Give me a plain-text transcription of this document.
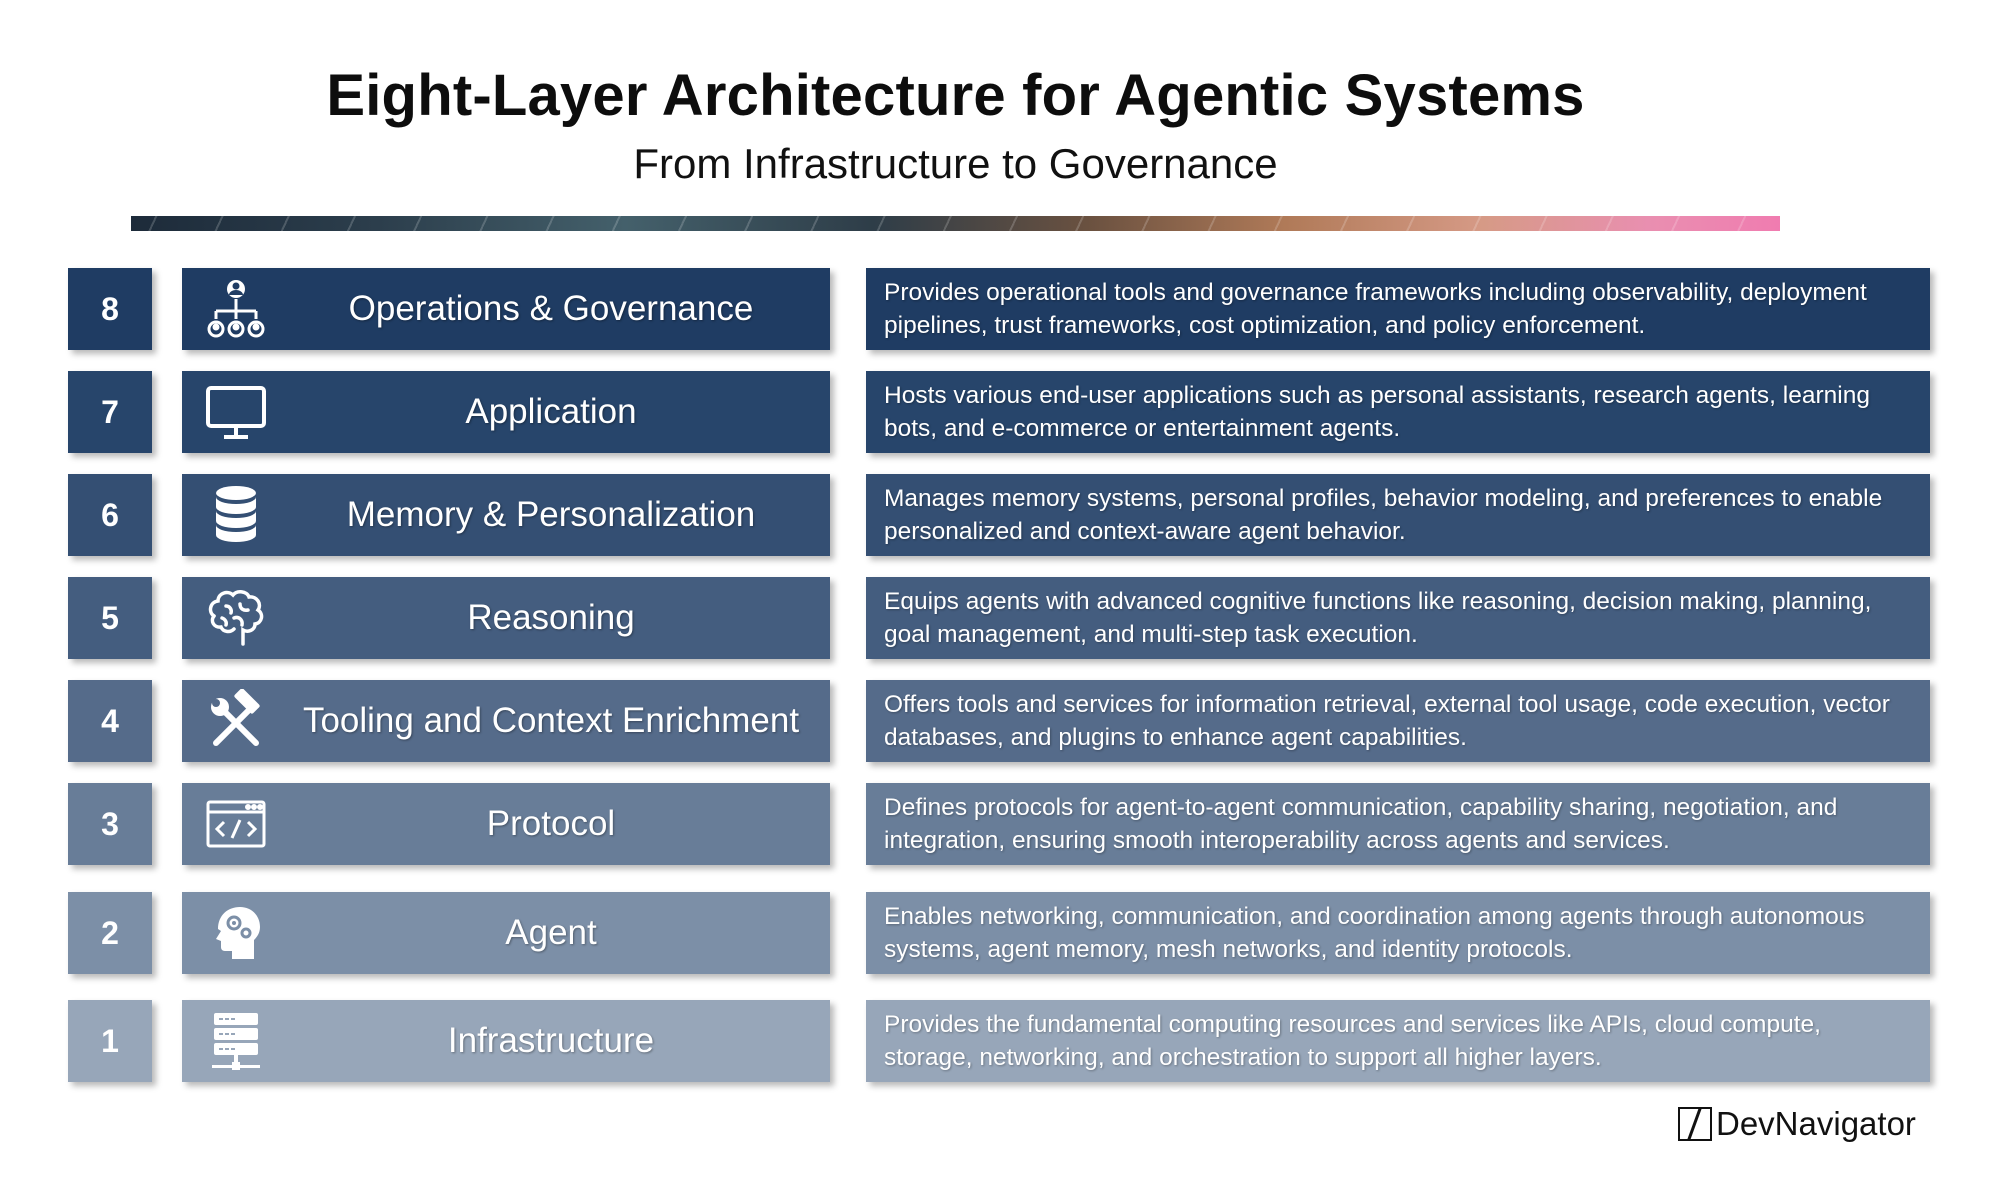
Eight-Layer Architecture for Agentic Systems
From Infrastructure to Governance
8	Operations & Governance	Provides operational tools and governance frameworks including observability, deployment pipelines, trust frameworks, cost optimization, and policy enforcement.
7	Application	Hosts various end-user applications such as personal assistants, research agents, learning bots, and e-commerce or entertainment agents.
6	Memory & Personalization	Manages memory systems, personal profiles, behavior modeling, and preferences to enable personalized and context-aware agent behavior.
5	Reasoning	Equips agents with advanced cognitive functions like reasoning, decision making, planning, goal management, and multi-step task execution.
4	Tooling and Context Enrichment	Offers tools and services for information retrieval, external tool usage, code execution, vector databases, and plugins to enhance agent capabilities.
3	Protocol	Defines protocols for agent-to-agent communication, capability sharing, negotiation, and integration, ensuring smooth interoperability across agents and services.
2	Agent	Enables networking, communication, and coordination among agents through autonomous systems, agent memory, mesh networks, and identity protocols.
1	Infrastructure	Provides the fundamental computing resources and services like APIs, cloud compute, storage, networking, and orchestration to support all higher layers.
DevNavigator
